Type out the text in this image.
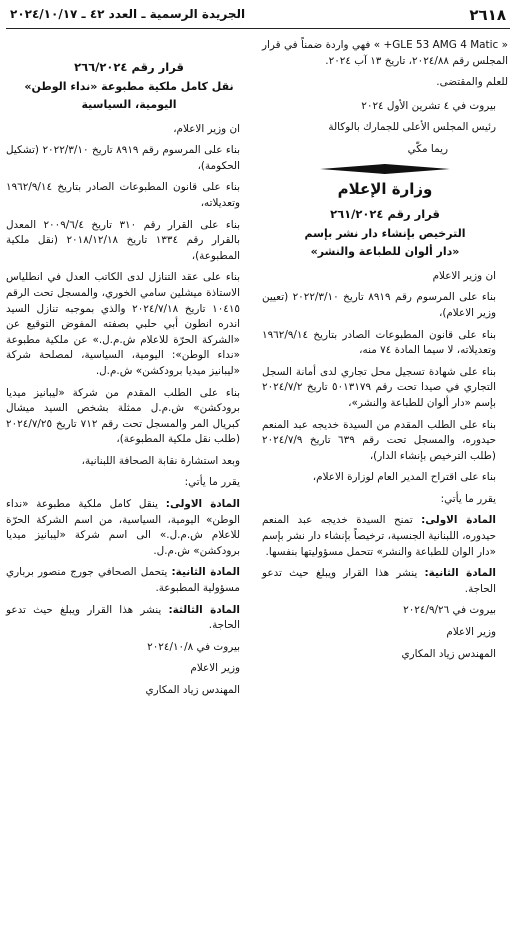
٢٦١٨
الجريدة الرسمية ـ العدد ٤٢ ـ ٢٠٢٤/١٠/١٧

« GLE 53 AMG 4 Matic+ » فهي واردة ضمناً في قرار المجلس رقم ٢٠٢٤/٨٨، تاريخ ١٣ آب ٢٠٢٤.

للعلم والمقتضى.

بيروت في ٤ تشرين الأول ٢٠٢٤

رئيس المجلس الأعلى للجمارك بالوكالة

ريما مكّي

وزارة الإعلام
قرار رقم ٢٦١/٢٠٢٤
الترخيص بإنشاء دار نشر بإسم
«دار ألوان للطباعة والنشر»

ان وزير الاعلام

بناء على المرسوم رقم ٨٩١٩ تاريخ ٢٠٢٢/٣/١٠ (تعيين وزير الاعلام)،

بناء على قانون المطبوعات الصادر بتاريخ ١٩٦٢/٩/١٤ وتعديلاته، لا سيما المادة ٧٤ منه،

بناء على شهادة تسجيل محل تجاري لدى أمانة السجل التجاري في صيدا تحت رقم ٥٠١٣١٧٩ تاريخ ٢٠٢٤/٧/٢ بإسم «دار ألوان للطباعة والنشر»،

بناء على الطلب المقدم من السيدة خديجه عبد المنعم حيدوره، والمسجل تحت رقم ٦٣٩ تاريخ ٢٠٢٤/٧/٩ (طلب الترخيص بإنشاء الدار)،

بناء على اقتراح المدير العام لوزارة الاعلام،

يقرر ما يأتي:

المادة الاولى: تمنح السيدة خديجه عبد المنعم حيدوره، اللبنانية الجنسية، ترخيصاً بإنشاء دار نشر بإسم «دار الوان للطباعة والنشر» تتحمل مسؤوليتها بنفسها.

المادة الثانية: ينشر هذا القرار ويبلغ حيث تدعو الحاجة.

بيروت في ٢٠٢٤/٩/٢٦

وزير الاعلام

المهندس زياد المكاري

قرار رقم ٢٦٦/٢٠٢٤
نقل كامل ملكية مطبوعة «نداء الوطن»
اليومية، السياسية

ان وزير الاعلام،

بناء على المرسوم رقم ٨٩١٩ تاريخ ٢٠٢٢/٣/١٠ (تشكيل الحكومة)،

بناء على قانون المطبوعات الصادر بتاريخ ١٩٦٢/٩/١٤ وتعديلاته،

بناء على القرار رقم ٣١٠ تاريخ ٢٠٠٩/٦/٤ المعدل بالقرار رقم ١٣٣٤ تاريخ ٢٠١٨/١٢/١٨ (نقل ملكية المطبوعة)،

بناء على عقد التنازل لدى الكاتب العدل في انطلياس الاستاذة ميشلين سامي الخوري، والمسجل تحت الرقم ١٠٤١٥ تاريخ ٢٠٢٤/٧/١٨ والذي بموجبه تنازل السيد اندره انطون أبي حلبي بصفته المفوض التوقيع عن «الشركة الحرّة للاعلام ش.م.ل.» عن ملكية مطبوعة «نداء الوطن»: اليومية، السياسية، لمصلحة شركة «ليبانيز ميديا برودكشن» ش.م.ل.

بناء على الطلب المقدم من شركة «ليبانيز ميديا برودكشن» ش.م.ل ممثلة بشخص السيد ميشال كبريال المر والمسجل تحت رقم ٧١٢ تاريخ ٢٠٢٤/٧/٢٥ (طلب نقل ملكية المطبوعة)،

وبعد استشارة نقابة الصحافة اللبنانية،

يقرر ما يأتي:

المادة الاولى: ينقل كامل ملكية مطبوعة «نداء الوطن» اليومية، السياسية، من اسم الشركة الحرّة للاعلام ش.م.ل.» الى اسم شركة «ليبانيز ميديا برودكشن» ش.م.ل.

المادة الثانية: يتحمل الصحافي جورج منصور برباري مسؤولية المطبوعة.

المادة الثالثة: ينشر هذا القرار ويبلغ حيث تدعو الحاجة.

بيروت في ٢٠٢٤/١٠/٨

وزير الاعلام

المهندس زياد المكاري
